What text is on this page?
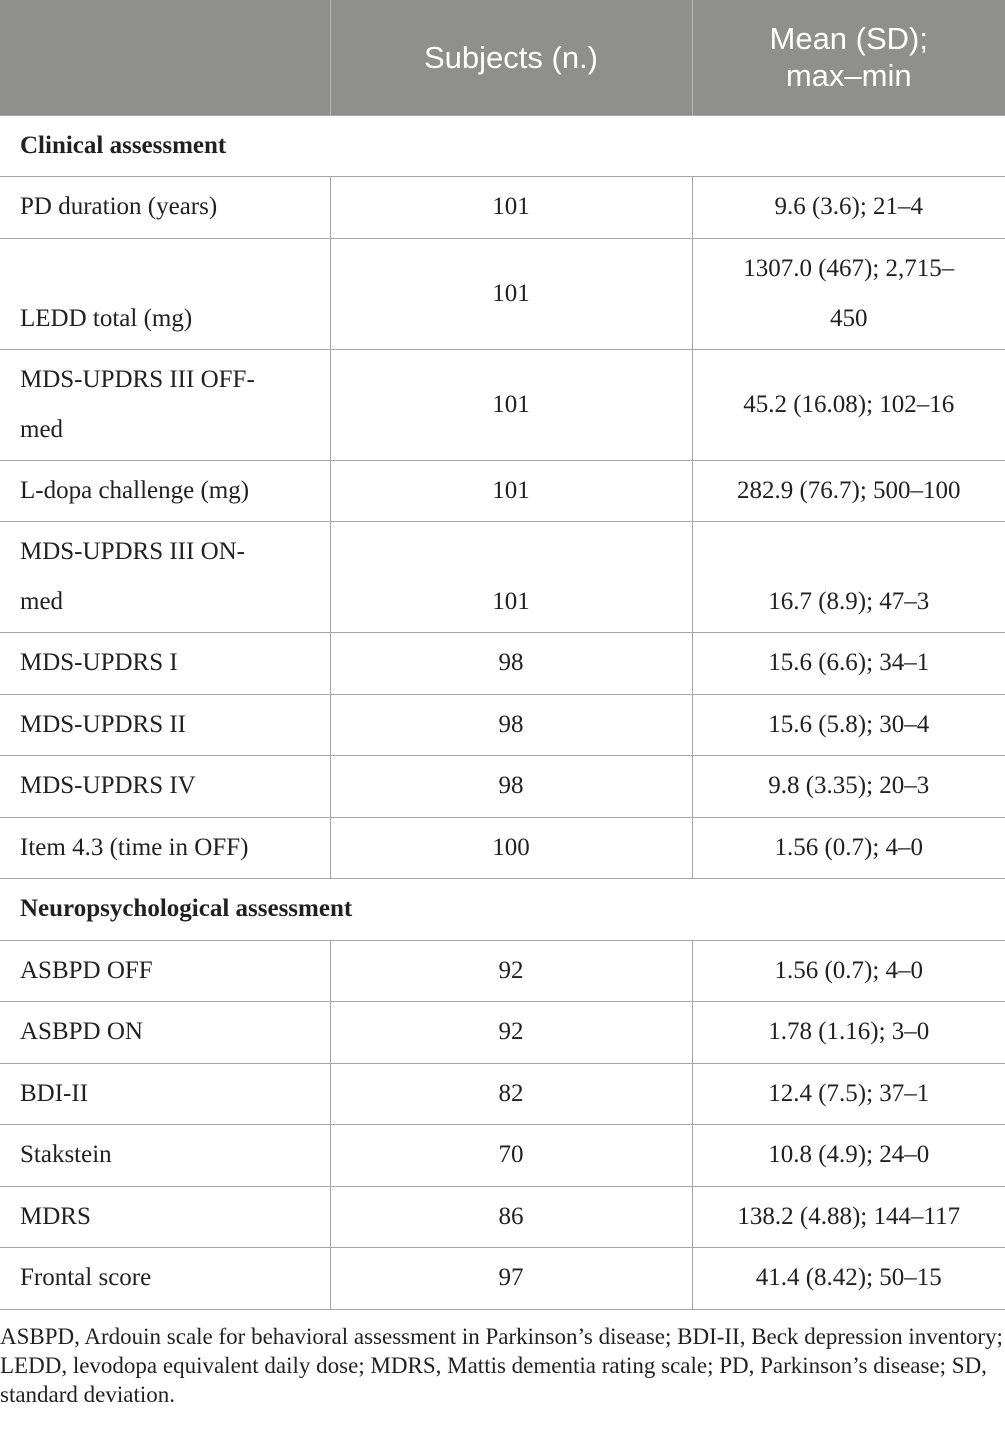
	Subjects (n.)	Mean (SD);
max–min
Clinical assessment		
PD duration (years)	101	9.6 (3.6); 21–4
LEDD total (mg)	101	1307.0 (467); 2,715–
450
MDS-UPDRS III OFF-
med	101	45.2 (16.08); 102–16
L-dopa challenge (mg)	101	282.9 (76.7); 500–100
MDS-UPDRS III ON-
med	101	16.7 (8.9); 47–3
MDS-UPDRS I	98	15.6 (6.6); 34–1
MDS-UPDRS II	98	15.6 (5.8); 30–4
MDS-UPDRS IV	98	9.8 (3.35); 20–3
Item 4.3 (time in OFF)	100	1.56 (0.7); 4–0
Neuropsychological assessment		
ASBPD OFF	92	1.56 (0.7); 4–0
ASBPD ON	92	1.78 (1.16); 3–0
BDI-II	82	12.4 (7.5); 37–1
Stakstein	70	10.8 (4.9); 24–0
MDRS	86	138.2 (4.88); 144–117
Frontal score	97	41.4 (8.42); 50–15
ASBPD, Ardouin scale for behavioral assessment in Parkinson’s disease; BDI-II, Beck depression inventory; LEDD, levodopa equivalent daily dose; MDRS, Mattis dementia rating scale; PD, Parkinson’s disease; SD, standard deviation.
